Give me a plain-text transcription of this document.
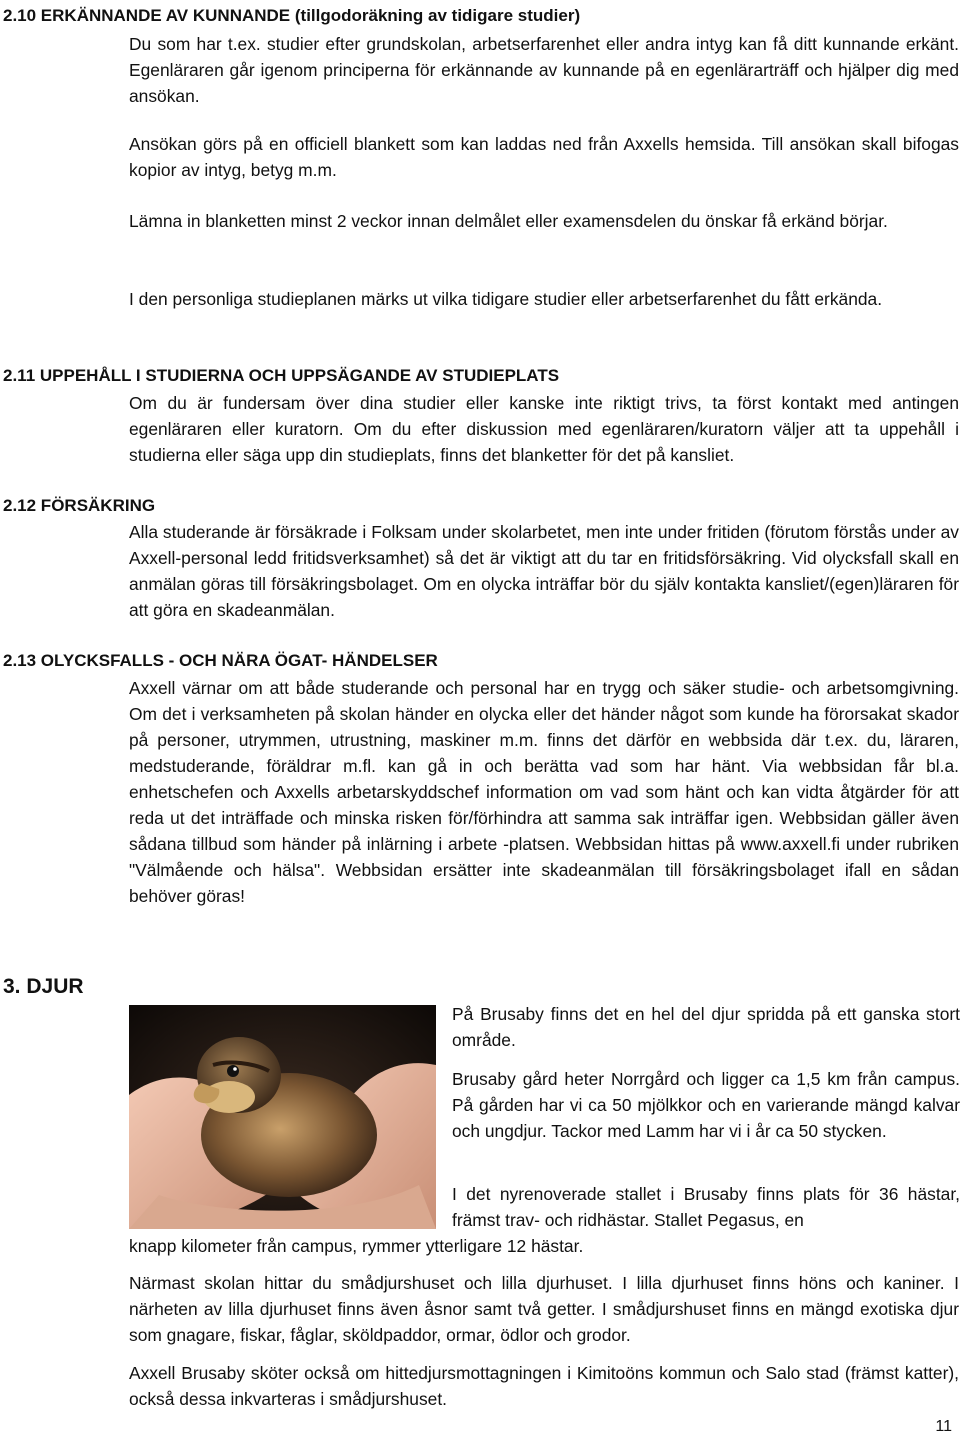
2.10 ERKÄNNANDE AV KUNNANDE (tillgodoräkning av tidigare studier)

Du som har t.ex. studier efter grundskolan, arbetserfarenhet eller andra intyg kan få ditt kunnande erkänt. Egenläraren går igenom principerna för erkännande av kunnande på en egenlärarträff och hjälper dig med ansökan.

Ansökan görs på en officiell blankett som kan laddas ned från Axxells hemsida. Till ansökan skall bifogas kopior av intyg, betyg m.m.

Lämna in blanketten minst 2 veckor innan delmålet eller examensdelen du önskar få erkänd börjar.

I den personliga studieplanen märks ut vilka tidigare studier eller arbetserfarenhet du fått erkända.

2.11 UPPEHÅLL I STUDIERNA OCH UPPSÄGANDE AV STUDIEPLATS

Om du är fundersam över dina studier eller kanske inte riktigt trivs, ta först kontakt med antingen egenläraren eller kuratorn. Om du efter diskussion med egenläraren/kuratorn väljer att ta uppehåll i studierna eller säga upp din studieplats, finns det blanketter för det på kansliet.

2.12 FÖRSÄKRING

Alla studerande är försäkrade i Folksam under skolarbetet, men inte under fritiden (förutom förstås under av Axxell-personal ledd fritidsverksamhet) så det är viktigt att du tar en fritidsförsäkring. Vid olycksfall skall en anmälan göras till försäkringsbolaget. Om en olycka inträffar bör du själv kontakta kansliet/(egen)läraren för att göra en skadeanmälan.

2.13 OLYCKSFALLS - OCH NÄRA ÖGAT- HÄNDELSER

Axxell värnar om att både studerande och personal har en trygg och säker studie- och arbetsomgivning. Om det i verksamheten på skolan händer en olycka eller det händer något som kunde ha förorsakat skador på personer, utrymmen, utrustning, maskiner m.m. finns det därför en webbsida där t.ex. du, läraren, medstuderande, föräldrar m.fl. kan gå in och berätta vad som har hänt. Via webbsidan får bl.a. enhetschefen och Axxells arbetarskyddschef information om vad som hänt och kan vidta åtgärder för att reda ut det inträffade och minska risken för/förhindra att samma sak inträffar igen. Webbsidan gäller även sådana tillbud som händer på inlärning i arbete -platsen. Webbsidan hittas på www.axxell.fi under rubriken "Välmående och hälsa". Webbsidan ersätter inte skadeanmälan till försäkringsbolaget ifall en sådan behöver göras!

3. DJUR

På Brusaby finns det en hel del djur spridda på ett ganska stort område.

Brusaby gård heter Norrgård och ligger ca 1,5 km från campus. På gården har vi ca 50 mjölkkor och en varierande mängd kalvar och ungdjur. Tackor med Lamm har vi i år ca 50 stycken.

I det nyrenoverade stallet i Brusaby finns plats för 36 hästar, främst trav- och ridhästar. Stallet Pegasus, en

knapp kilometer från campus, rymmer ytterligare 12 hästar.

Närmast skolan hittar du smådjurshuset och lilla djurhuset. I lilla djurhuset finns höns och kaniner. I närheten av lilla djurhuset finns även åsnor samt två getter. I smådjurshuset finns en mängd exotiska djur som gnagare, fiskar, fåglar, sköldpaddor, ormar, ödlor och grodor.

Axxell Brusaby sköter också om hittedjursmottagningen i Kimitoöns kommun och Salo stad (främst katter), också dessa inkvarteras i smådjurshuset.

11
